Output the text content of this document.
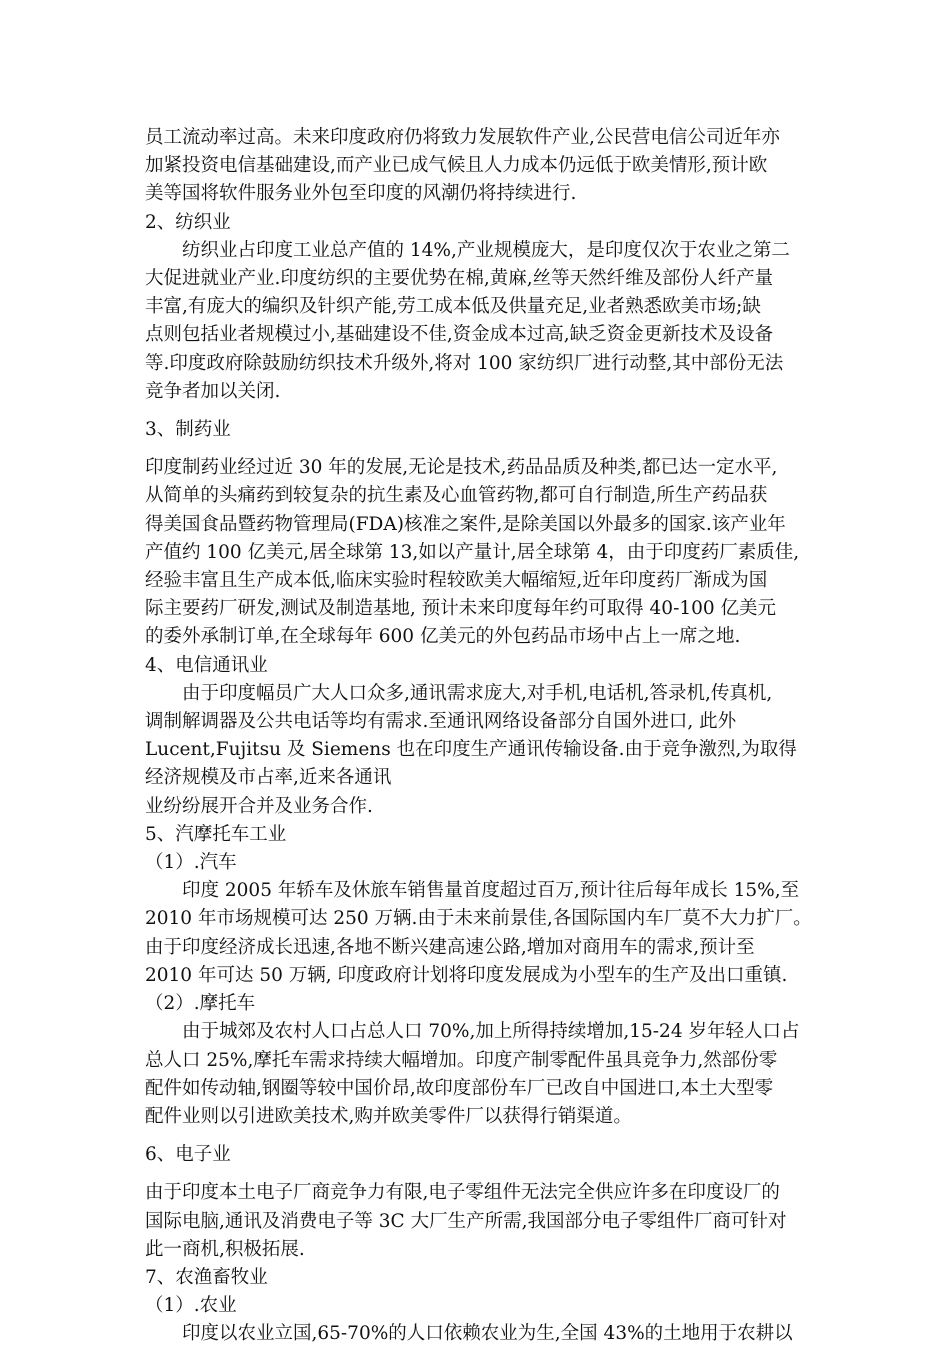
员工流动率过高。未来印度政府仍将致力发展软件产业,公民营电信公司近年亦
加紧投资电信基础建设,而产业已成气候且人力成本仍远低于欧美情形,预计欧
美等国将软件服务业外包至印度的风潮仍将持续进行.
2、纺织业
　　纺织业占印度工业总产值的 14%,产业规模庞大，是印度仅次于农业之第二
大促进就业产业.印度纺织的主要优势在棉,黄麻,丝等天然纤维及部份人纤产量
丰富,有庞大的编织及针织产能,劳工成本低及供量充足,业者熟悉欧美市场;缺
点则包括业者规模过小,基础建设不佳,资金成本过高,缺乏资金更新技术及设备
等.印度政府除鼓励纺织技术升级外,将对 100 家纺织厂进行动整,其中部份无法
竞争者加以关闭.
3、制药业
印度制药业经过近 30 年的发展,无论是技术,药品品质及种类,都已达一定水平,
从简单的头痛药到较复杂的抗生素及心血管药物,都可自行制造,所生产药品获
得美国食品暨药物管理局(FDA)核准之案件,是除美国以外最多的国家.该产业年
产值约 100 亿美元,居全球第 13,如以产量计,居全球第 4，由于印度药厂素质佳,
经验丰富且生产成本低,临床实验时程较欧美大幅缩短,近年印度药厂渐成为国
际主要药厂研发,测试及制造基地, 预计未来印度每年约可取得 40-100 亿美元
的委外承制订单,在全球每年 600 亿美元的外包药品市场中占上一席之地.
4、电信通讯业
　　由于印度幅员广大人口众多,通讯需求庞大,对手机,电话机,答录机,传真机,
调制解调器及公共电话等均有需求.至通讯网络设备部分自国外进口, 此外
Lucent,Fujitsu 及 Siemens 也在印度生产通讯传输设备.由于竞争激烈,为取得
经济规模及市占率,近来各通讯
业纷纷展开合并及业务合作.
5、汽摩托车工业
（1）.汽车
　　印度 2005 年轿车及休旅车销售量首度超过百万,预计往后每年成长 15%,至
2010 年市场规模可达 250 万辆.由于未来前景佳,各国际国内车厂莫不大力扩厂。
由于印度经济成长迅速,各地不断兴建高速公路,增加对商用车的需求,预计至
2010 年可达 50 万辆, 印度政府计划将印度发展成为小型车的生产及出口重镇.
（2）.摩托车
　　由于城郊及农村人口占总人口 70%,加上所得持续增加,15-24 岁年轻人口占
总人口 25%,摩托车需求持续大幅增加。印度产制零配件虽具竞争力,然部份零
配件如传动轴,钢圈等较中国价昂,故印度部份车厂已改自中国进口,本土大型零
配件业则以引进欧美技术,购并欧美零件厂以获得行销渠道。
6、电子业
由于印度本土电子厂商竞争力有限,电子零组件无法完全供应许多在印度设厂的
国际电脑,通讯及消费电子等 3C 大厂生产所需,我国部分电子零组件厂商可针对
此一商机,积极拓展.
7、农渔畜牧业
（1）.农业
　　印度以农业立国,65-70%的人口依赖农业为生,全国 43%的土地用于农耕以
